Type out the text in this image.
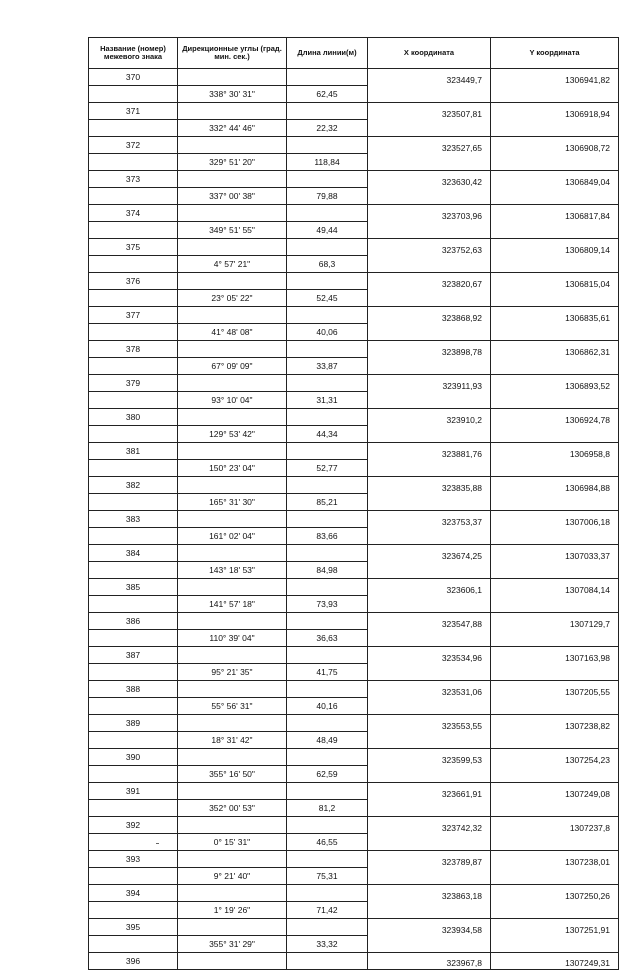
Название (номер) межевого знака	Дирекционные углы (град. мин. сек.)	Длина линии(м)	X координата	Y координата
370			323449,7	1306941,82
	338° 30' 31"	62,45		
371			323507,81	1306918,94
	332° 44' 46"	22,32		
372			323527,65	1306908,72
	329° 51' 20"	118,84		
373			323630,42	1306849,04
	337° 00' 38"	79,88		
374			323703,96	1306817,84
	349° 51' 55"	49,44		
375			323752,63	1306809,14
	4° 57' 21"	68,3		
376			323820,67	1306815,04
	23° 05' 22"	52,45		
377			323868,92	1306835,61
	41° 48' 08"	40,06		
378			323898,78	1306862,31
	67° 09' 09"	33,87		
379			323911,93	1306893,52
	93° 10' 04"	31,31		
380			323910,2	1306924,78
	129° 53' 42"	44,34		
381			323881,76	1306958,8
	150° 23' 04"	52,77		
382			323835,88	1306984,88
	165° 31' 30"	85,21		
383			323753,37	1307006,18
	161° 02' 04"	83,66		
384			323674,25	1307033,37
	143° 18' 53"	84,98		
385			323606,1	1307084,14
	141° 57' 18"	73,93		
386			323547,88	1307129,7
	110° 39' 04"	36,63		
387			323534,96	1307163,98
	95° 21' 35"	41,75		
388			323531,06	1307205,55
	55° 56' 31"	40,16		
389			323553,55	1307238,82
	18° 31' 42"	48,49		
390			323599,53	1307254,23
	355° 16' 50"	62,59		
391			323661,91	1307249,08
	352° 00' 53"	81,2		
392			323742,32	1307237,8
	0° 15' 31"	46,55		
393			323789,87	1307238,01
	9° 21' 40"	75,31		
394			323863,18	1307250,26
	1° 19' 26"	71,42		
395			323934,58	1307251,91
	355° 31' 29"	33,32		
396			323967,8	1307249,31
